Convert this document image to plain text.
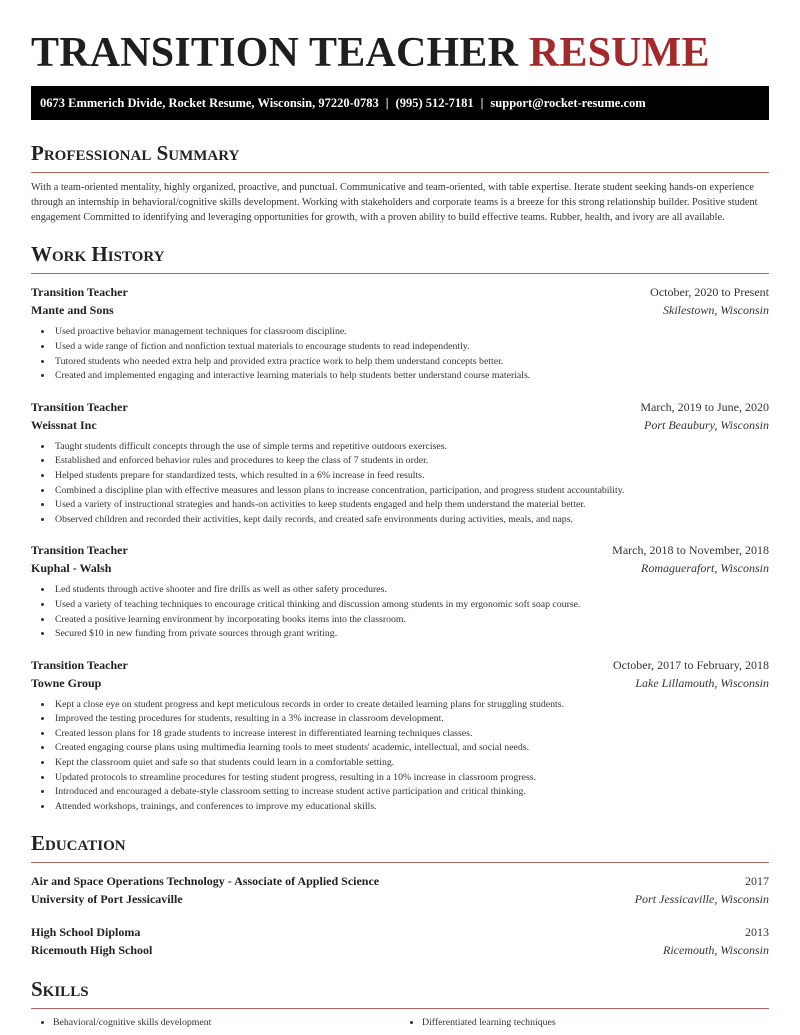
TRANSITION TEACHER RESUME
0673 Emmerich Divide, Rocket Resume, Wisconsin, 97220-0783 | (995) 512-7181 | support@rocket-resume.com
Professional Summary

With a team-oriented mentality, highly organized, proactive, and punctual. Communicative and team-oriented, with table expertise. Iterate student seeking hands-on experience through an internship in behavioral/cognitive skills development. Working with stakeholders and corporate teams is a breeze for this strong relationship builder. Positive student engagement Committed to identifying and leveraging opportunities for growth, with a proven ability to build effective teams. Rubber, health, and ivory are all available.

Work History
Transition Teacher	October, 2020 to Present
Mante and Sons	Skilestown, Wisconsin
• Used proactive behavior management techniques for classroom discipline.
• Used a wide range of fiction and nonfiction textual materials to encourage students to read independently.
• Tutored students who needed extra help and provided extra practice work to help them understand concepts better.
• Created and implemented engaging and interactive learning materials to help students better understand course materials.
Transition Teacher	March, 2019 to June, 2020
Weissnat Inc	Port Beaubury, Wisconsin
• Taught students difficult concepts through the use of simple terms and repetitive outdoors exercises.
• Established and enforced behavior rules and procedures to keep the class of 7 students in order.
• Helped students prepare for standardized tests, which resulted in a 6% increase in feed results.
• Combined a discipline plan with effective measures and lesson plans to increase concentration, participation, and progress student accountability.
• Used a variety of instructional strategies and hands-on activities to keep students engaged and help them understand the material better.
• Observed children and recorded their activities, kept daily records, and created safe environments during activities, meals, and naps.
Transition Teacher	March, 2018 to November, 2018
Kuphal - Walsh	Romaguerafort, Wisconsin
• Led students through active shooter and fire drills as well as other safety procedures.
• Used a variety of teaching techniques to encourage critical thinking and discussion among students in my ergonomic soft soap course.
• Created a positive learning environment by incorporating books items into the classroom.
• Secured $10 in new funding from private sources through grant writing.
Transition Teacher	October, 2017 to February, 2018
Towne Group	Lake Lillamouth, Wisconsin
• Kept a close eye on student progress and kept meticulous records in order to create detailed learning plans for struggling students.
• Improved the testing procedures for students, resulting in a 3% increase in classroom development.
• Created lesson plans for 18 grade students to increase interest in differentiated learning techniques classes.
• Created engaging course plans using multimedia learning tools to meet students' academic, intellectual, and social needs.
• Kept the classroom quiet and safe so that students could learn in a comfortable setting.
• Updated protocols to streamline procedures for testing student progress, resulting in a 10% increase in classroom progress.
• Introduced and encouraged a debate-style classroom setting to increase student active participation and critical thinking.
• Attended workshops, trainings, and conferences to improve my educational skills.
Education
Air and Space Operations Technology - Associate of Applied Science	2017
University of Port Jessicaville	Port Jessicaville, Wisconsin
High School Diploma	2013
Ricemouth High School	Ricemouth, Wisconsin
Skills
• Behavioral/cognitive skills development
•	Differentiated learning techniques
